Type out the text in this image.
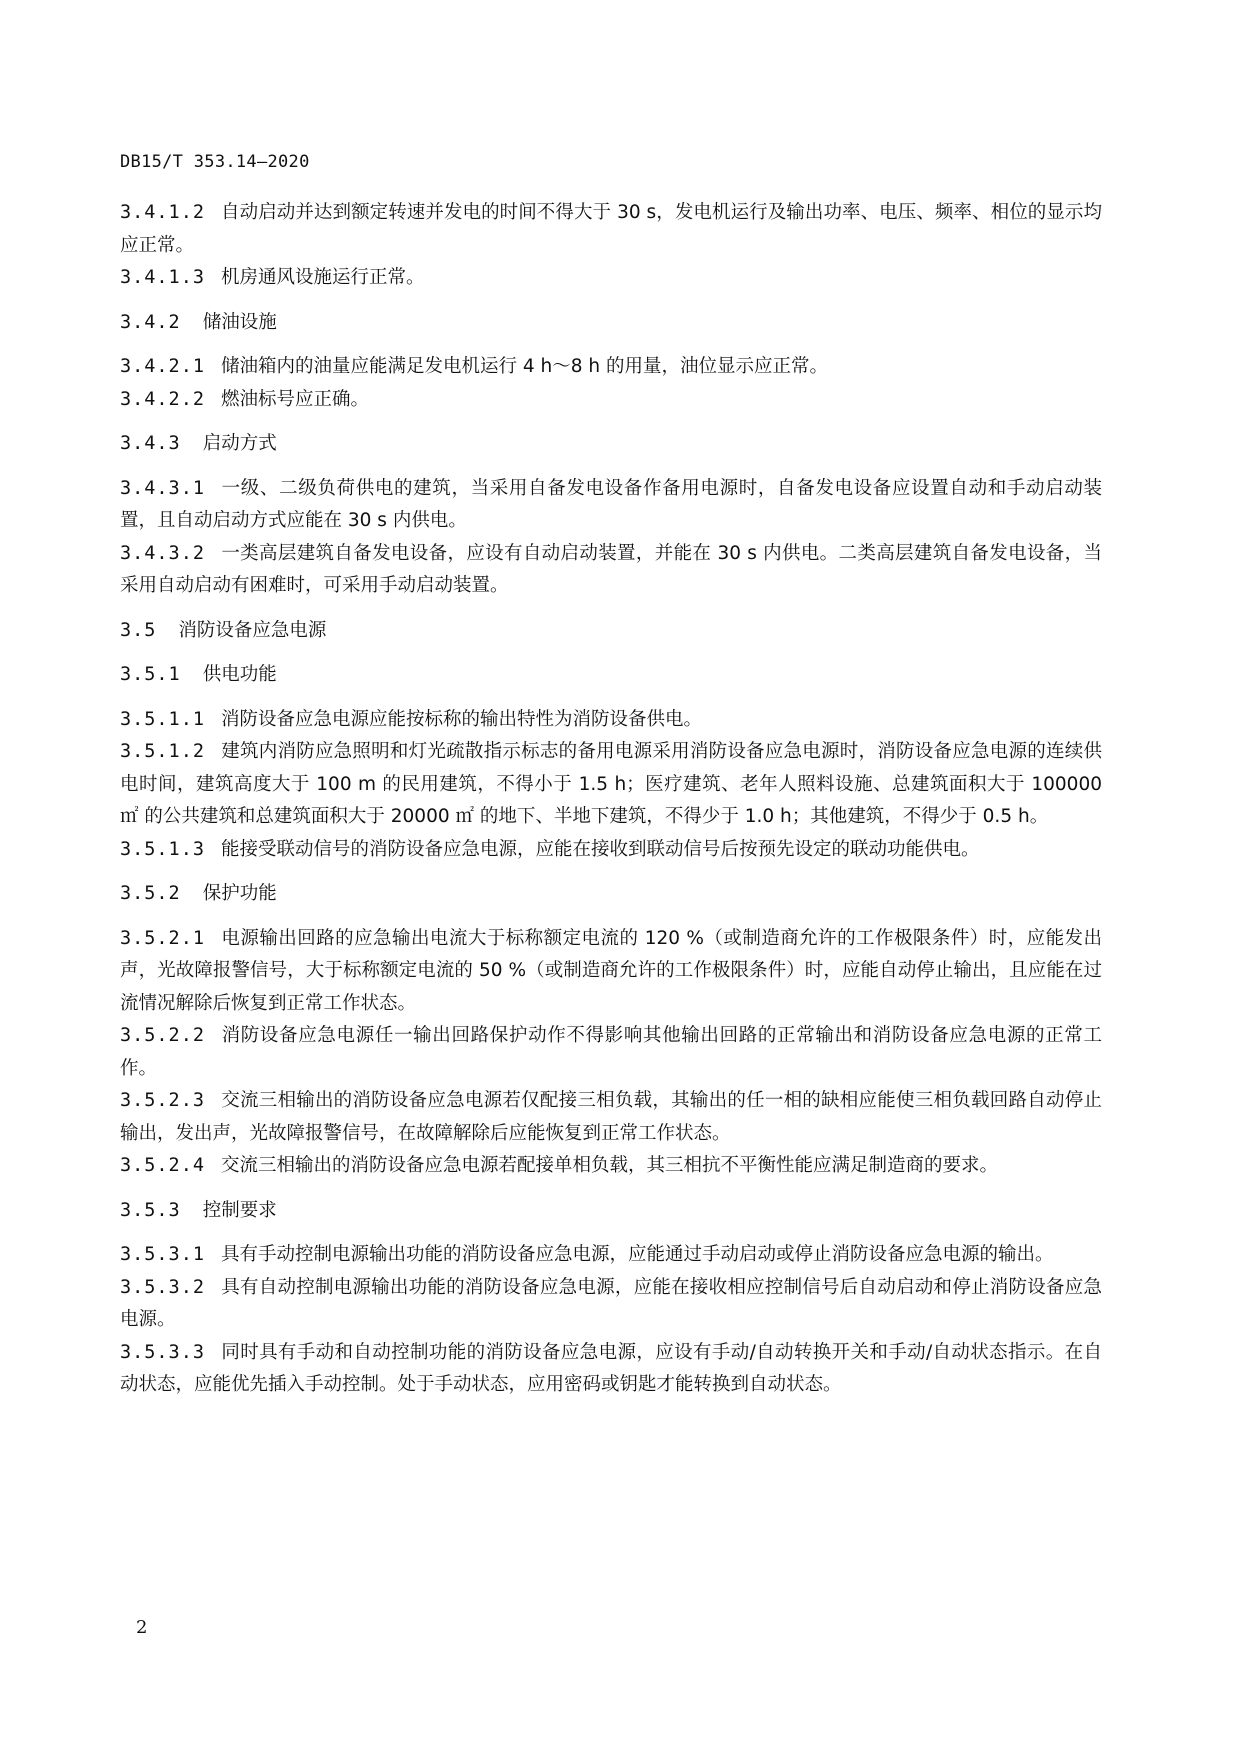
DB15/T 353.14—2020

3.4.1.2 自动启动并达到额定转速并发电的时间不得大于 30 s，发电机运行及输出功率、电压、频率、相位的显示均应正常。

3.4.1.3 机房通风设施运行正常。

3.4.2 储油设施

3.4.2.1 储油箱内的油量应能满足发电机运行 4 h～8 h 的用量，油位显示应正常。

3.4.2.2 燃油标号应正确。

3.4.3 启动方式

3.4.3.1 一级、二级负荷供电的建筑，当采用自备发电设备作备用电源时，自备发电设备应设置自动和手动启动装置，且自动启动方式应能在 30 s 内供电。

3.4.3.2 一类高层建筑自备发电设备，应设有自动启动装置，并能在 30 s 内供电。二类高层建筑自备发电设备，当采用自动启动有困难时，可采用手动启动装置。

3.5 消防设备应急电源

3.5.1 供电功能

3.5.1.1 消防设备应急电源应能按标称的输出特性为消防设备供电。

3.5.1.2 建筑内消防应急照明和灯光疏散指示标志的备用电源采用消防设备应急电源时，消防设备应急电源的连续供电时间，建筑高度大于 100 m 的民用建筑，不得小于 1.5 h；医疗建筑、老年人照料设施、总建筑面积大于 100000 ㎡ 的公共建筑和总建筑面积大于 20000 ㎡ 的地下、半地下建筑，不得少于 1.0 h；其他建筑，不得少于 0.5 h。

3.5.1.3 能接受联动信号的消防设备应急电源，应能在接收到联动信号后按预先设定的联动功能供电。

3.5.2 保护功能

3.5.2.1 电源输出回路的应急输出电流大于标称额定电流的 120 %（或制造商允许的工作极限条件）时，应能发出声，光故障报警信号，大于标称额定电流的 50 %（或制造商允许的工作极限条件）时，应能自动停止输出，且应能在过流情况解除后恢复到正常工作状态。

3.5.2.2 消防设备应急电源任一输出回路保护动作不得影响其他输出回路的正常输出和消防设备应急电源的正常工作。

3.5.2.3 交流三相输出的消防设备应急电源若仅配接三相负载，其输出的任一相的缺相应能使三相负载回路自动停止输出，发出声，光故障报警信号，在故障解除后应能恢复到正常工作状态。

3.5.2.4 交流三相输出的消防设备应急电源若配接单相负载，其三相抗不平衡性能应满足制造商的要求。

3.5.3 控制要求

3.5.3.1 具有手动控制电源输出功能的消防设备应急电源，应能通过手动启动或停止消防设备应急电源的输出。

3.5.3.2 具有自动控制电源输出功能的消防设备应急电源，应能在接收相应控制信号后自动启动和停止消防设备应急电源。

3.5.3.3 同时具有手动和自动控制功能的消防设备应急电源，应设有手动/自动转换开关和手动/自动状态指示。在自动状态，应能优先插入手动控制。处于手动状态，应用密码或钥匙才能转换到自动状态。

2
